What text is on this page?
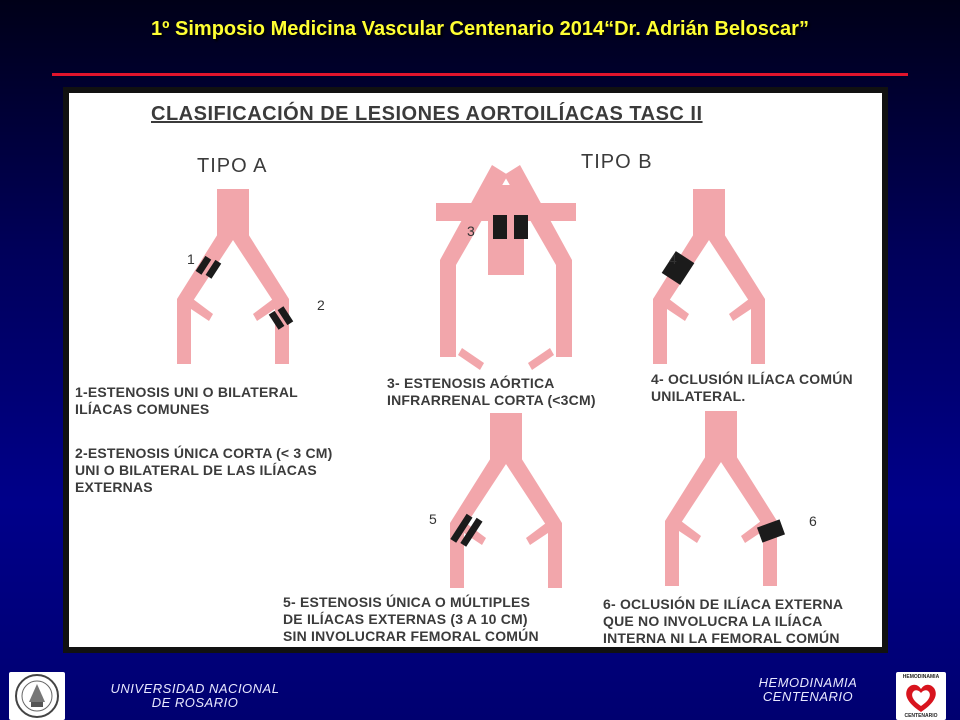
1º Simposio Medicina Vascular Centenario 2014“Dr. Adrián Beloscar”
CLASIFICACIÓN DE LESIONES AORTOILÍACAS TASC II
TIPO A	TIPO B
1
2
3
4
5	6
1-ESTENOSIS UNI O BILATERAL
ILÍACAS COMUNES
2-ESTENOSIS ÚNICA CORTA (< 3 CM)
UNI O BILATERAL DE LAS ILÍACAS
EXTERNAS
3- ESTENOSIS AÓRTICA
INFRARRENAL CORTA (<3CM)
4- OCLUSIÓN ILÍACA COMÚN
UNILATERAL.
5- ESTENOSIS ÚNICA O MÚLTIPLES
DE ILÍACAS EXTERNAS (3 A 10 CM)
SIN INVOLUCRAR FEMORAL COMÚN
6- OCLUSIÓN DE ILÍACA EXTERNA
QUE NO INVOLUCRA LA ILÍACA
INTERNA NI LA FEMORAL COMÚN
UNIVERSIDAD NACIONAL
DE ROSARIO
HEMODINAMIA
CENTENARIO
HEMODINAMIA
CENTENARIO
